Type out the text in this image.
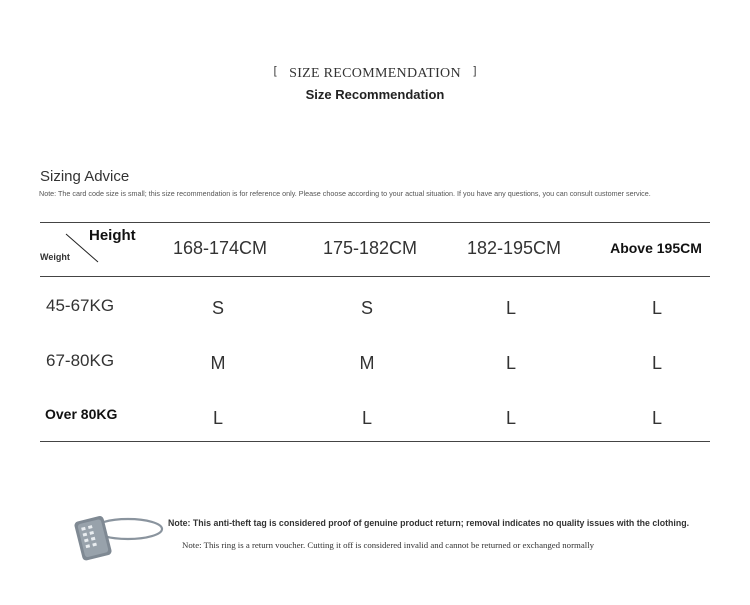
[ SIZE RECOMMENDATION ]
Size Recommendation
Sizing Advice
Note: The card code size is small; this size recommendation is for reference only. Please choose according to your actual situation. If you have any questions, you can consult customer service.
Height
Weight	168-174CM	175-182CM	182-195CM	Above 195CM
45-67KG	S	S	L	L
67-80KG	M	M	L	L
Over 80KG	L	L	L	L
Note: This anti-theft tag is considered proof of genuine product return; removal indicates no quality issues with the clothing.
Note: This ring is a return voucher. Cutting it off is considered invalid and cannot be returned or exchanged normally
